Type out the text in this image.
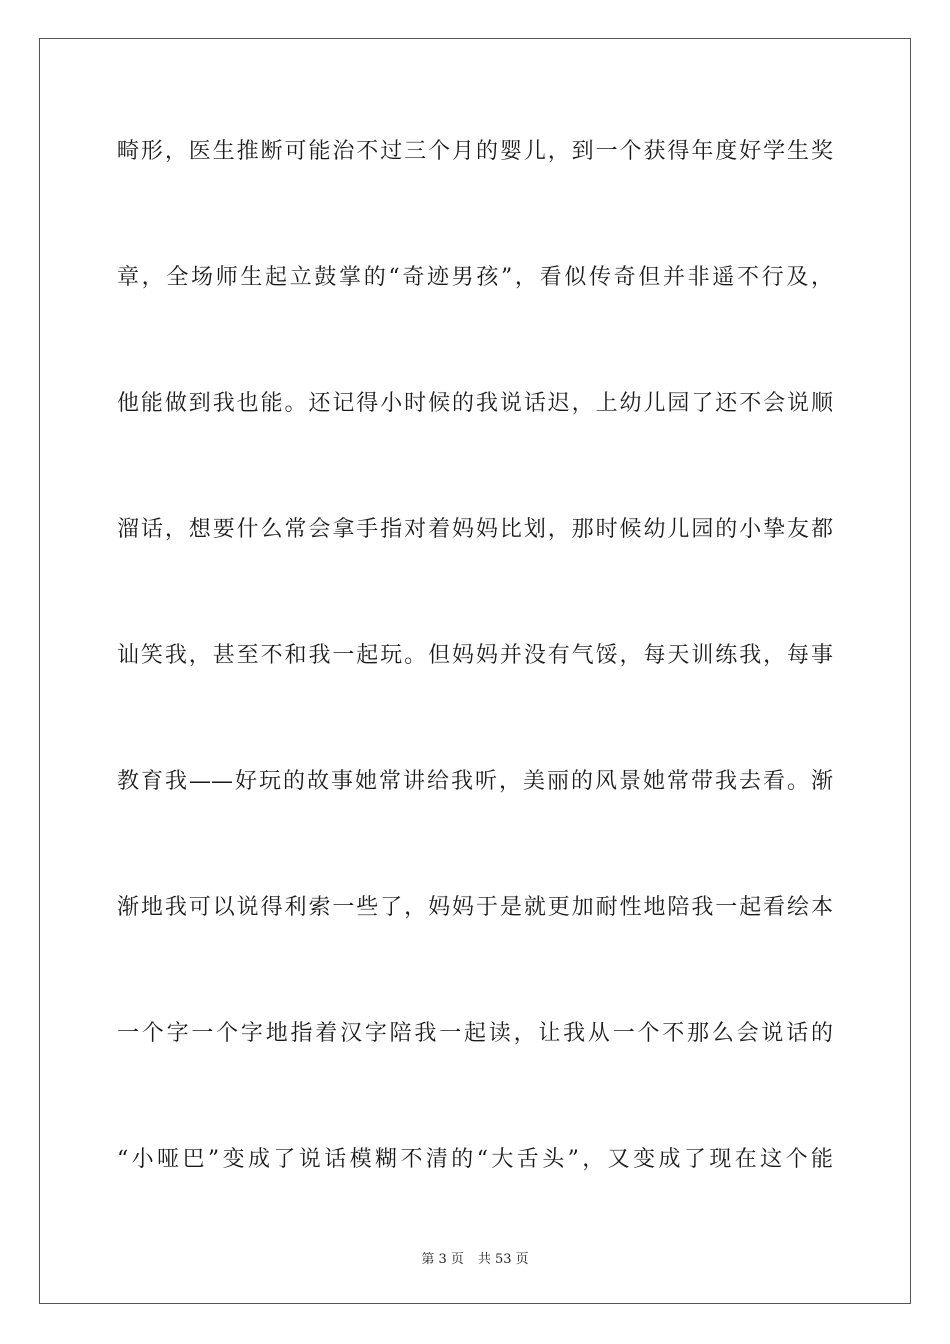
畸形，医生推断可能治不过三个月的婴儿，到一个获得年度好学生奖
章，全场师生起立鼓掌的“奇迹男孩”，看似传奇但并非遥不行及，
他能做到我也能。还记得小时候的我说话迟，上幼儿园了还不会说顺
溜话，想要什么常会拿手指对着妈妈比划，那时候幼儿园的小挚友都
讪笑我，甚至不和我一起玩。但妈妈并没有气馁，每天训练我，每事
教育我——好玩的故事她常讲给我听，美丽的风景她常带我去看。渐
渐地我可以说得利索一些了，妈妈于是就更加耐性地陪我一起看绘本
一个字一个字地指着汉字陪我一起读，让我从一个不那么会说话的
“小哑巴”变成了说话模糊不清的“大舌头”，又变成了现在这个能
第 3 页 共 53 页
